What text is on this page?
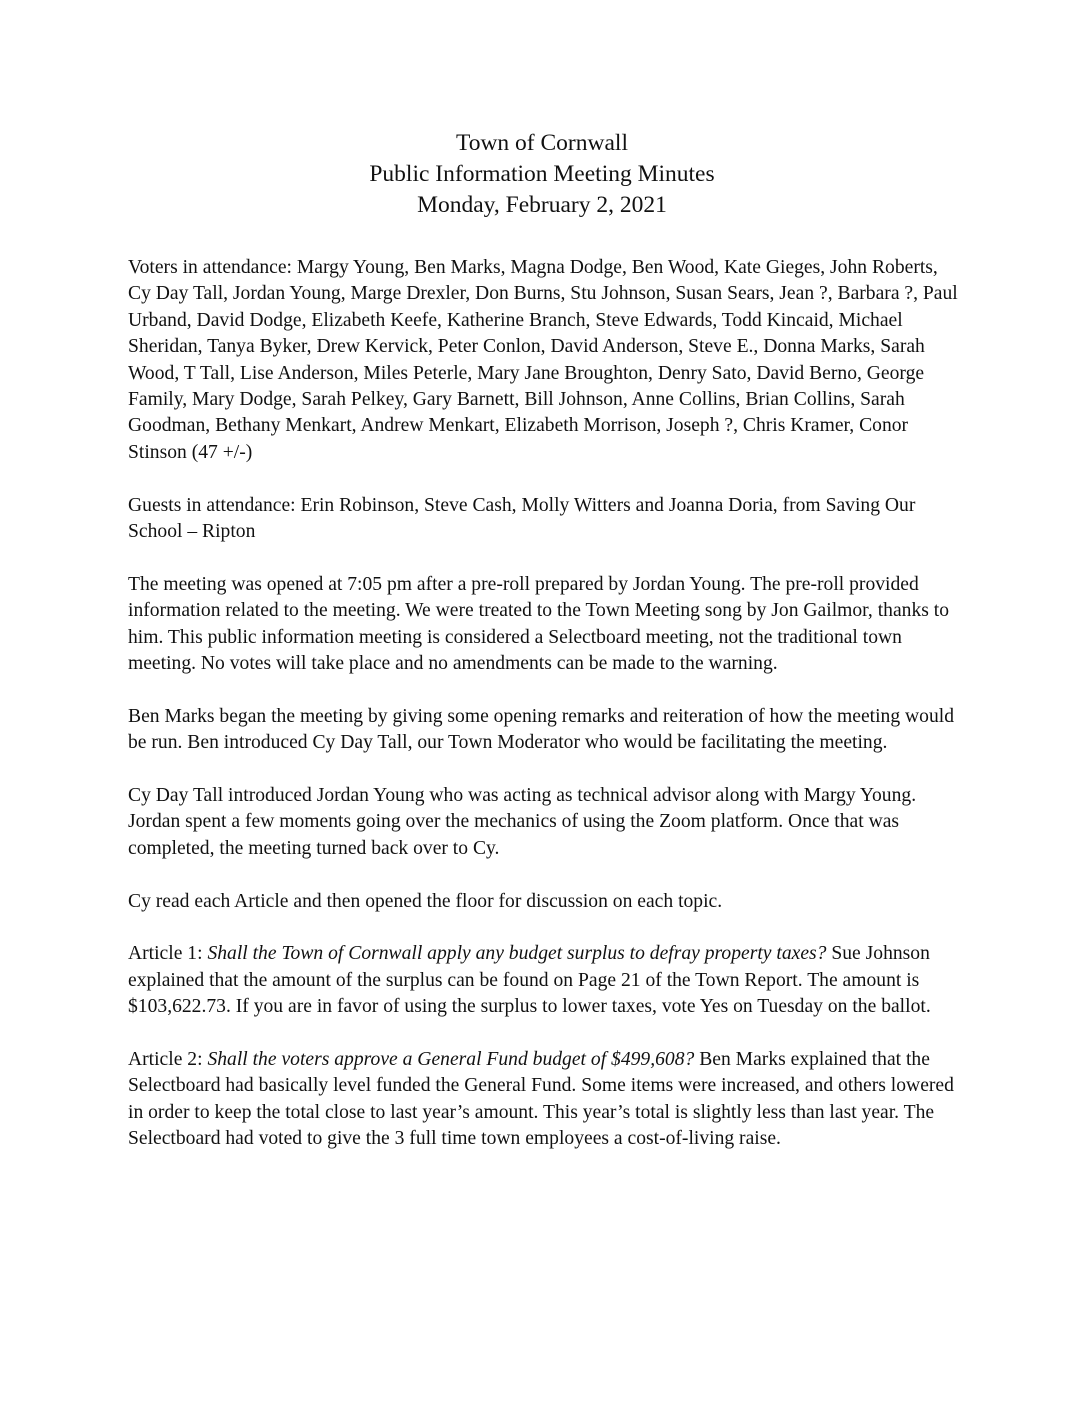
Town of Cornwall
Public Information Meeting Minutes
Monday, February 2, 2021

Voters in attendance: Margy Young, Ben Marks, Magna Dodge, Ben Wood, Kate Gieges, John Roberts, Cy Day Tall, Jordan Young, Marge Drexler, Don Burns, Stu Johnson, Susan Sears, Jean ?, Barbara ?, Paul Urband, David Dodge, Elizabeth Keefe, Katherine Branch, Steve Edwards, Todd Kincaid, Michael Sheridan, Tanya Byker, Drew Kervick, Peter Conlon, David Anderson, Steve E., Donna Marks, Sarah Wood, T Tall, Lise Anderson, Miles Peterle, Mary Jane Broughton, Denry Sato, David Berno, George Family, Mary Dodge, Sarah Pelkey, Gary Barnett, Bill Johnson, Anne Collins, Brian Collins, Sarah Goodman, Bethany Menkart, Andrew Menkart, Elizabeth Morrison, Joseph ?, Chris Kramer, Conor Stinson (47 +/-)

Guests in attendance: Erin Robinson, Steve Cash, Molly Witters and Joanna Doria, from Saving Our School – Ripton

The meeting was opened at 7:05 pm after a pre-roll prepared by Jordan Young. The pre-roll provided information related to the meeting. We were treated to the Town Meeting song by Jon Gailmor, thanks to him. This public information meeting is considered a Selectboard meeting, not the traditional town meeting. No votes will take place and no amendments can be made to the warning.

Ben Marks began the meeting by giving some opening remarks and reiteration of how the meeting would be run. Ben introduced Cy Day Tall, our Town Moderator who would be facilitating the meeting.

Cy Day Tall introduced Jordan Young who was acting as technical advisor along with Margy Young. Jordan spent a few moments going over the mechanics of using the Zoom platform. Once that was completed, the meeting turned back over to Cy.

Cy read each Article and then opened the floor for discussion on each topic.

Article 1: Shall the Town of Cornwall apply any budget surplus to defray property taxes? Sue Johnson explained that the amount of the surplus can be found on Page 21 of the Town Report. The amount is $103,622.73. If you are in favor of using the surplus to lower taxes, vote Yes on Tuesday on the ballot.

Article 2: Shall the voters approve a General Fund budget of $499,608? Ben Marks explained that the Selectboard had basically level funded the General Fund. Some items were increased, and others lowered in order to keep the total close to last year’s amount. This year’s total is slightly less than last year. The Selectboard had voted to give the 3 full time town employees a cost-of-living raise.
